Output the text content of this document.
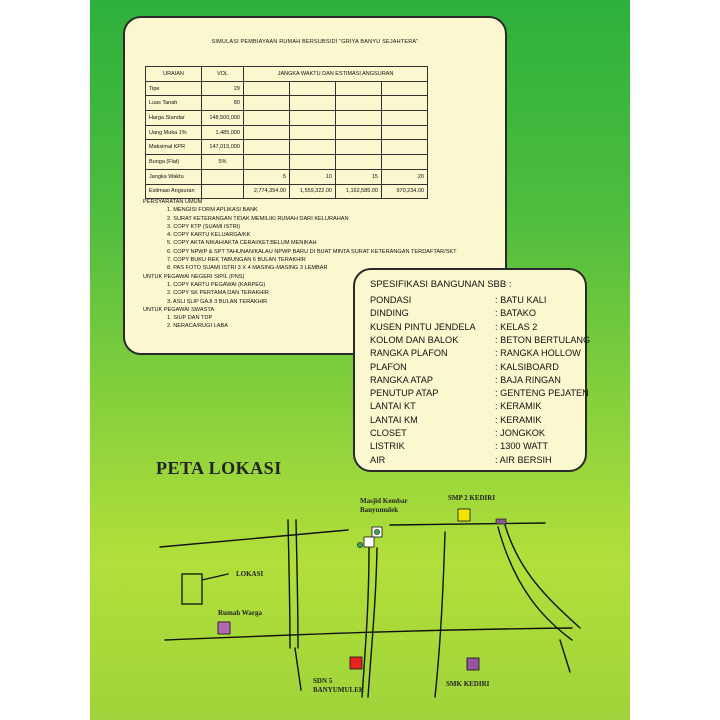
SIMULASI PEMBIAYAAN RUMAH BERSUBSIDI "GRIYA BANYU SEJAHTERA"
URAIAN	VOL	JANGKA WAKTU DAN ESTIMASI ANGSURAN			
Tipe	29				
Luas Tanah	80				
Harga Standar	148,500,000				
Uang Muka 1%	1,485,000				
Maksimal KPR	147,015,000				
Bunga (Flat)	5%				
Jangka Waktu		5	10	15	20
Estimasi Angsuran		2,774,354.00	1,559,322.00	1,162,585.00	970,234.00
PERSYARATAN UMUM
1. MENGISI FORM APLIKASI BANK
2. SURAT KETERANGAN TIDAK MEMILIKI RUMAH DARI KELURAHAN
3. COPY KTP (SUAMI ISTRI)
4. COPY KARTU KELUARGA/KK
5. COPY AKTA NIKAH/AKTA CERAI/KET.BELUM MENIKAH
6. COPY NPWP & SPT TAHUNAN/KALAU NPWP BARU DI BUAT MINTA SURAT KETERANGAN TERDAFTAR/SKT
7. COPY BUKU REK TABUNGAN 6 BULAN TERAKHIR
8. PAS FOTO SUAMI ISTRI 3 X 4 MASING-MASING 3 LEMBAR
UNTUK PEGAWAI NEGERI SIPIL (PNS)
1. COPY KARTU PEGAWAI (KARPEG)
2. COPY SK PERTAMA DAN TERAKHIR
3. ASLI SLIP GAJI 3 BULAN TERAKHIR
UNTUK PEGAWAI SWASTA
1. SIUP DAN TDP
2. NERACA/RUGI LABA
SPESIFIKASI BANGUNAN SBB :
PONDASI	: BATU KALI
DINDING	: BATAKO
KUSEN PINTU JENDELA : KELAS 2
KOLOM DAN BALOK	: BETON BERTULANG
RANGKA PLAFON	: RANGKA HOLLOW
PLAFON	: KALSIBOARD
RANGKA ATAP	: BAJA RINGAN
PENUTUP ATAP	: GENTENG PEJATEN
LANTAI KT	: KERAMIK
LANTAI KM	: KERAMIK
CLOSET	: JONGKOK
LISTRIK	: 1300 WATT
AIR	: AIR BERSIH
PETA LOKASI
Masjid Kembar
Banyumulek
SMP 2 KEDIRI
LOKASI
Rumah Warga
SDN 5
BANYUMULEK
SMK KEDIRI
